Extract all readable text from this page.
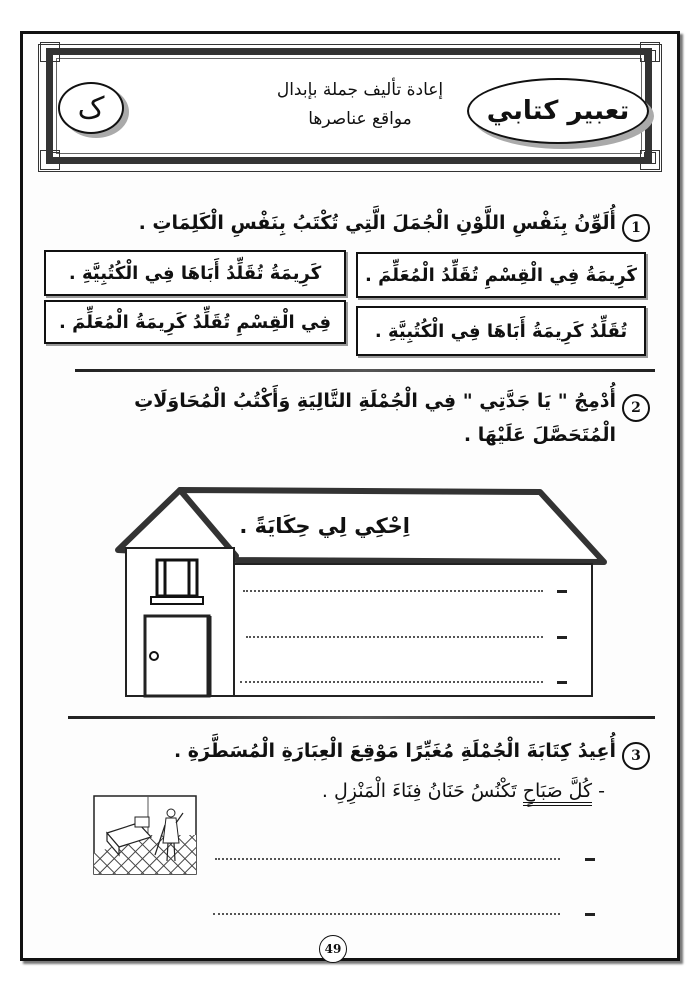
ک
إعادة تأليف جملة بإبدال
مواقع عناصرها	تعبير كتابي
1
أُلَوِّنُ بِنَفْسِ اللَّوْنِ الْجُمَلَ الَّتِي تُكْتَبُ بِنَفْسِ الْكَلِمَاتِ .
كَرِيمَةُ فِي الْقِسْمِ تُقَلِّدُ الْمُعَلِّمَ .
كَرِيمَةُ تُقَلِّدُ أَبَاهَا فِي الْكُتُبِيَّةِ .
تُقَلِّدُ كَرِيمَةُ أَبَاهَا فِي الْكُتُبِيَّةِ .
فِي الْقِسْمِ تُقَلِّدُ كَرِيمَةُ الْمُعَلِّمَ .
2
أُدْمِجُ " يَا جَدَّتِي " فِي الْجُمْلَةِ التَّالِيَةِ وَأَكْتُبُ الْمُحَاوَلَاتِ
الْمُتَحَصَّلَ عَلَيْهَا .
اِحْكِي لِي حِكَايَةً .
3
أُعِيدُ كِتَابَةَ الْجُمْلَةِ مُغَيِّرًا مَوْقِعَ الْعِبَارَةِ الْمُسَطَّرَةِ .
- كُلَّ صَبَاحٍ تَكْنُسُ حَنَانُ فِنَاءَ الْمَنْزِلِ .
49
